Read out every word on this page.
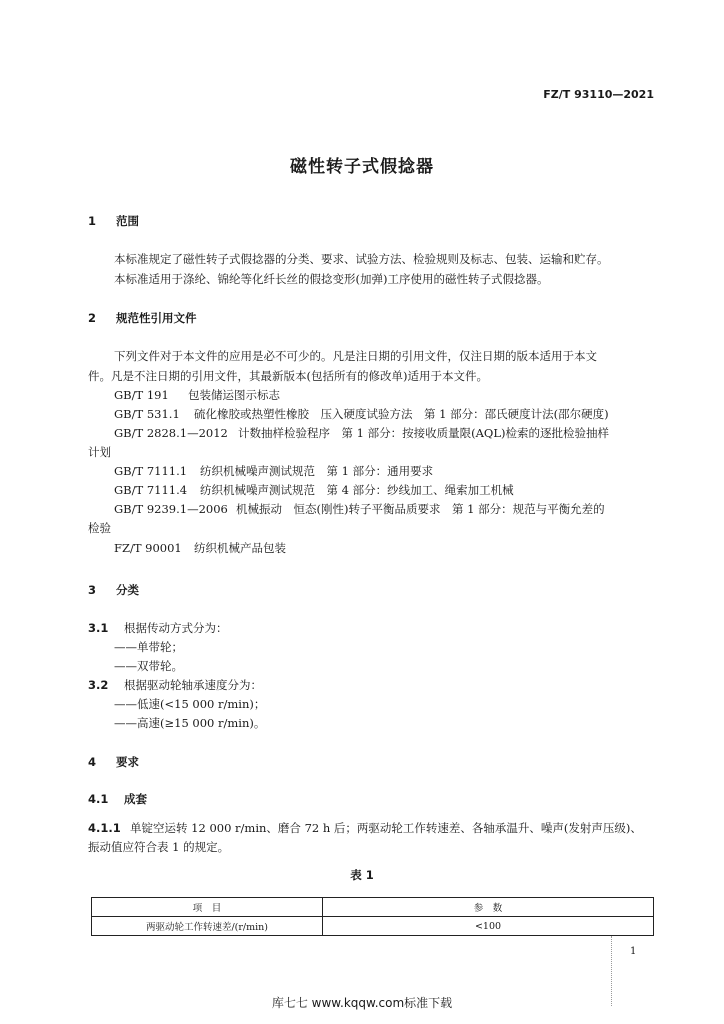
FZ/T 93110—2021
磁性转子式假捻器
1 范围
本标准规定了磁性转子式假捻器的分类、要求、试验方法、检验规则及标志、包装、运输和贮存。
本标准适用于涤纶、锦纶等化纤长丝的假捻变形(加弹)工序使用的磁性转子式假捻器。
2 规范性引用文件
下列文件对于本文件的应用是必不可少的。凡是注日期的引用文件，仅注日期的版本适用于本文
件。凡是不注日期的引用文件，其最新版本(包括所有的修改单)适用于本文件。
GB/T 191 包装储运图示标志
GB/T 531.1 硫化橡胶或热塑性橡胶　压入硬度试验方法　第 1 部分：邵氏硬度计法(邵尔硬度)
GB/T 2828.1—2012 计数抽样检验程序　第 1 部分：按接收质量限(AQL)检索的逐批检验抽样
计划
GB/T 7111.1 纺织机械噪声测试规范　第 1 部分：通用要求
GB/T 7111.4 纺织机械噪声测试规范　第 4 部分：纱线加工、绳索加工机械
GB/T 9239.1—2006 机械振动　恒态(刚性)转子平衡品质要求　第 1 部分：规范与平衡允差的
检验
FZ/T 90001 纺织机械产品包装
3 分类
3.1 根据传动方式分为：
——单带轮；
——双带轮。
3.2 根据驱动轮轴承速度分为：
——低速(<15 000 r/min)；
——高速(≥15 000 r/min)。
4 要求
4.1 成套
4.1.1 单锭空运转 12 000 r/min、磨合 72 h 后；两驱动轮工作转速差、各轴承温升、噪声(发射声压级)、
振动值应符合表 1 的规定。
表 1
项　目	参　数
两驱动轮工作转速差/(r/min)	<100
1
库七七 www.kqqw.com标准下载
